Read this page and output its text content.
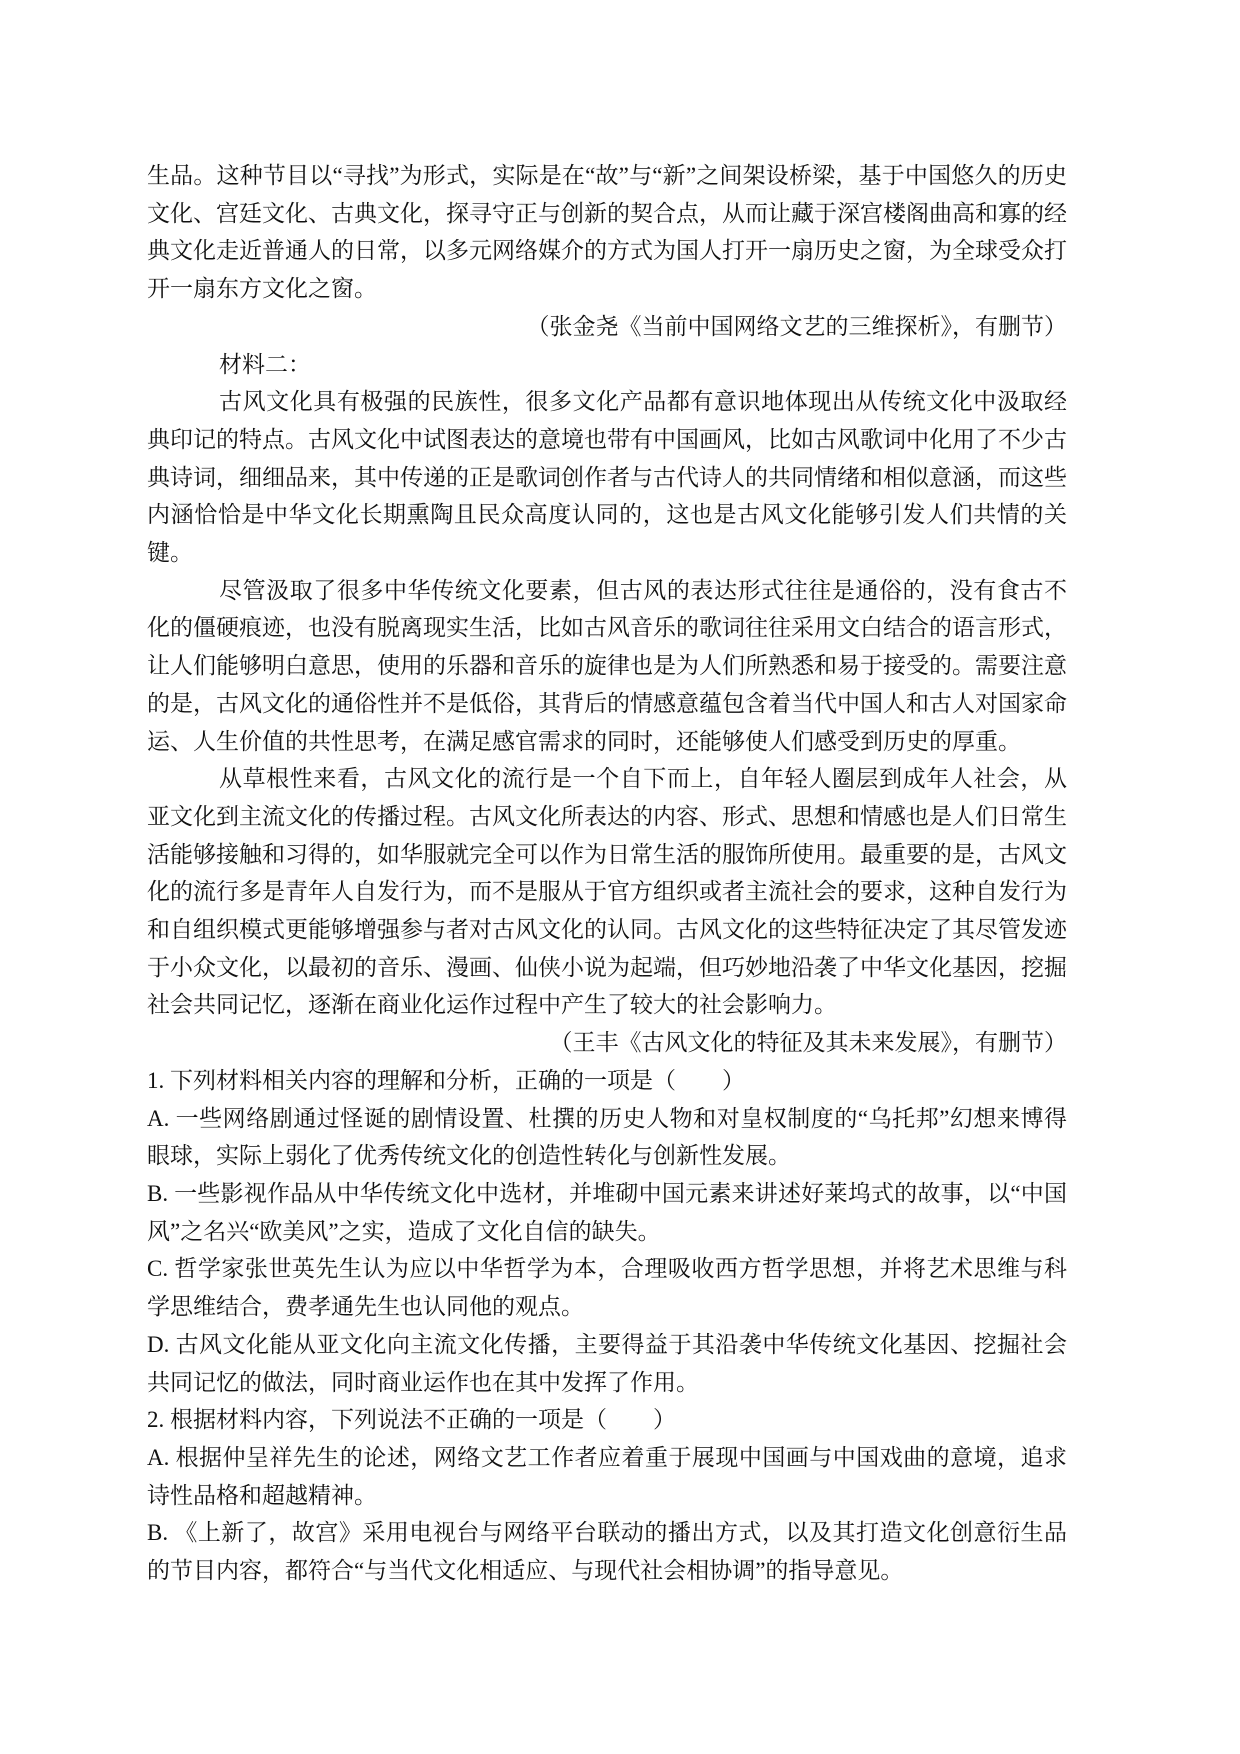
生品。这种节目以“寻找”为形式，实际是在“故”与“新”之间架设桥梁，基于中国悠久的历史文化、宫廷文化、古典文化，探寻守正与创新的契合点，从而让藏于深宫楼阁曲高和寡的经典文化走近普通人的日常，以多元网络媒介的方式为国人打开一扇历史之窗，为全球受众打开一扇东方文化之窗。

（张金尧《当前中国网络文艺的三维探析》，有删节）

材料二：

古风文化具有极强的民族性，很多文化产品都有意识地体现出从传统文化中汲取经典印记的特点。古风文化中试图表达的意境也带有中国画风，比如古风歌词中化用了不少古典诗词，细细品来，其中传递的正是歌词创作者与古代诗人的共同情绪和相似意涵，而这些内涵恰恰是中华文化长期熏陶且民众高度认同的，这也是古风文化能够引发人们共情的关键。

尽管汲取了很多中华传统文化要素，但古风的表达形式往往是通俗的，没有食古不化的僵硬痕迹，也没有脱离现实生活，比如古风音乐的歌词往往采用文白结合的语言形式，让人们能够明白意思，使用的乐器和音乐的旋律也是为人们所熟悉和易于接受的。需要注意的是，古风文化的通俗性并不是低俗，其背后的情感意蕴包含着当代中国人和古人对国家命运、人生价值的共性思考，在满足感官需求的同时，还能够使人们感受到历史的厚重。

从草根性来看，古风文化的流行是一个自下而上，自年轻人圈层到成年人社会，从亚文化到主流文化的传播过程。古风文化所表达的内容、形式、思想和情感也是人们日常生活能够接触和习得的，如华服就完全可以作为日常生活的服饰所使用。最重要的是，古风文化的流行多是青年人自发行为，而不是服从于官方组织或者主流社会的要求，这种自发行为和自组织模式更能够增强参与者对古风文化的认同。古风文化的这些特征决定了其尽管发迹于小众文化，以最初的音乐、漫画、仙侠小说为起端，但巧妙地沿袭了中华文化基因，挖掘社会共同记忆，逐渐在商业化运作过程中产生了较大的社会影响力。

（王丰《古风文化的特征及其未来发展》，有删节）

1. 下列材料相关内容的理解和分析，正确的一项是（　　）

A. 一些网络剧通过怪诞的剧情设置、杜撰的历史人物和对皇权制度的“乌托邦”幻想来博得眼球，实际上弱化了优秀传统文化的创造性转化与创新性发展。

B. 一些影视作品从中华传统文化中选材，并堆砌中国元素来讲述好莱坞式的故事，以“中国风”之名兴“欧美风”之实，造成了文化自信的缺失。

C. 哲学家张世英先生认为应以中华哲学为本，合理吸收西方哲学思想，并将艺术思维与科学思维结合，费孝通先生也认同他的观点。

D. 古风文化能从亚文化向主流文化传播，主要得益于其沿袭中华传统文化基因、挖掘社会共同记忆的做法，同时商业运作也在其中发挥了作用。

2. 根据材料内容，下列说法不正确的一项是（　　）

A. 根据仲呈祥先生的论述，网络文艺工作者应着重于展现中国画与中国戏曲的意境，追求诗性品格和超越精神。

B. 《上新了，故宫》采用电视台与网络平台联动的播出方式，以及其打造文化创意衍生品的节目内容，都符合“与当代文化相适应、与现代社会相协调”的指导意见。
